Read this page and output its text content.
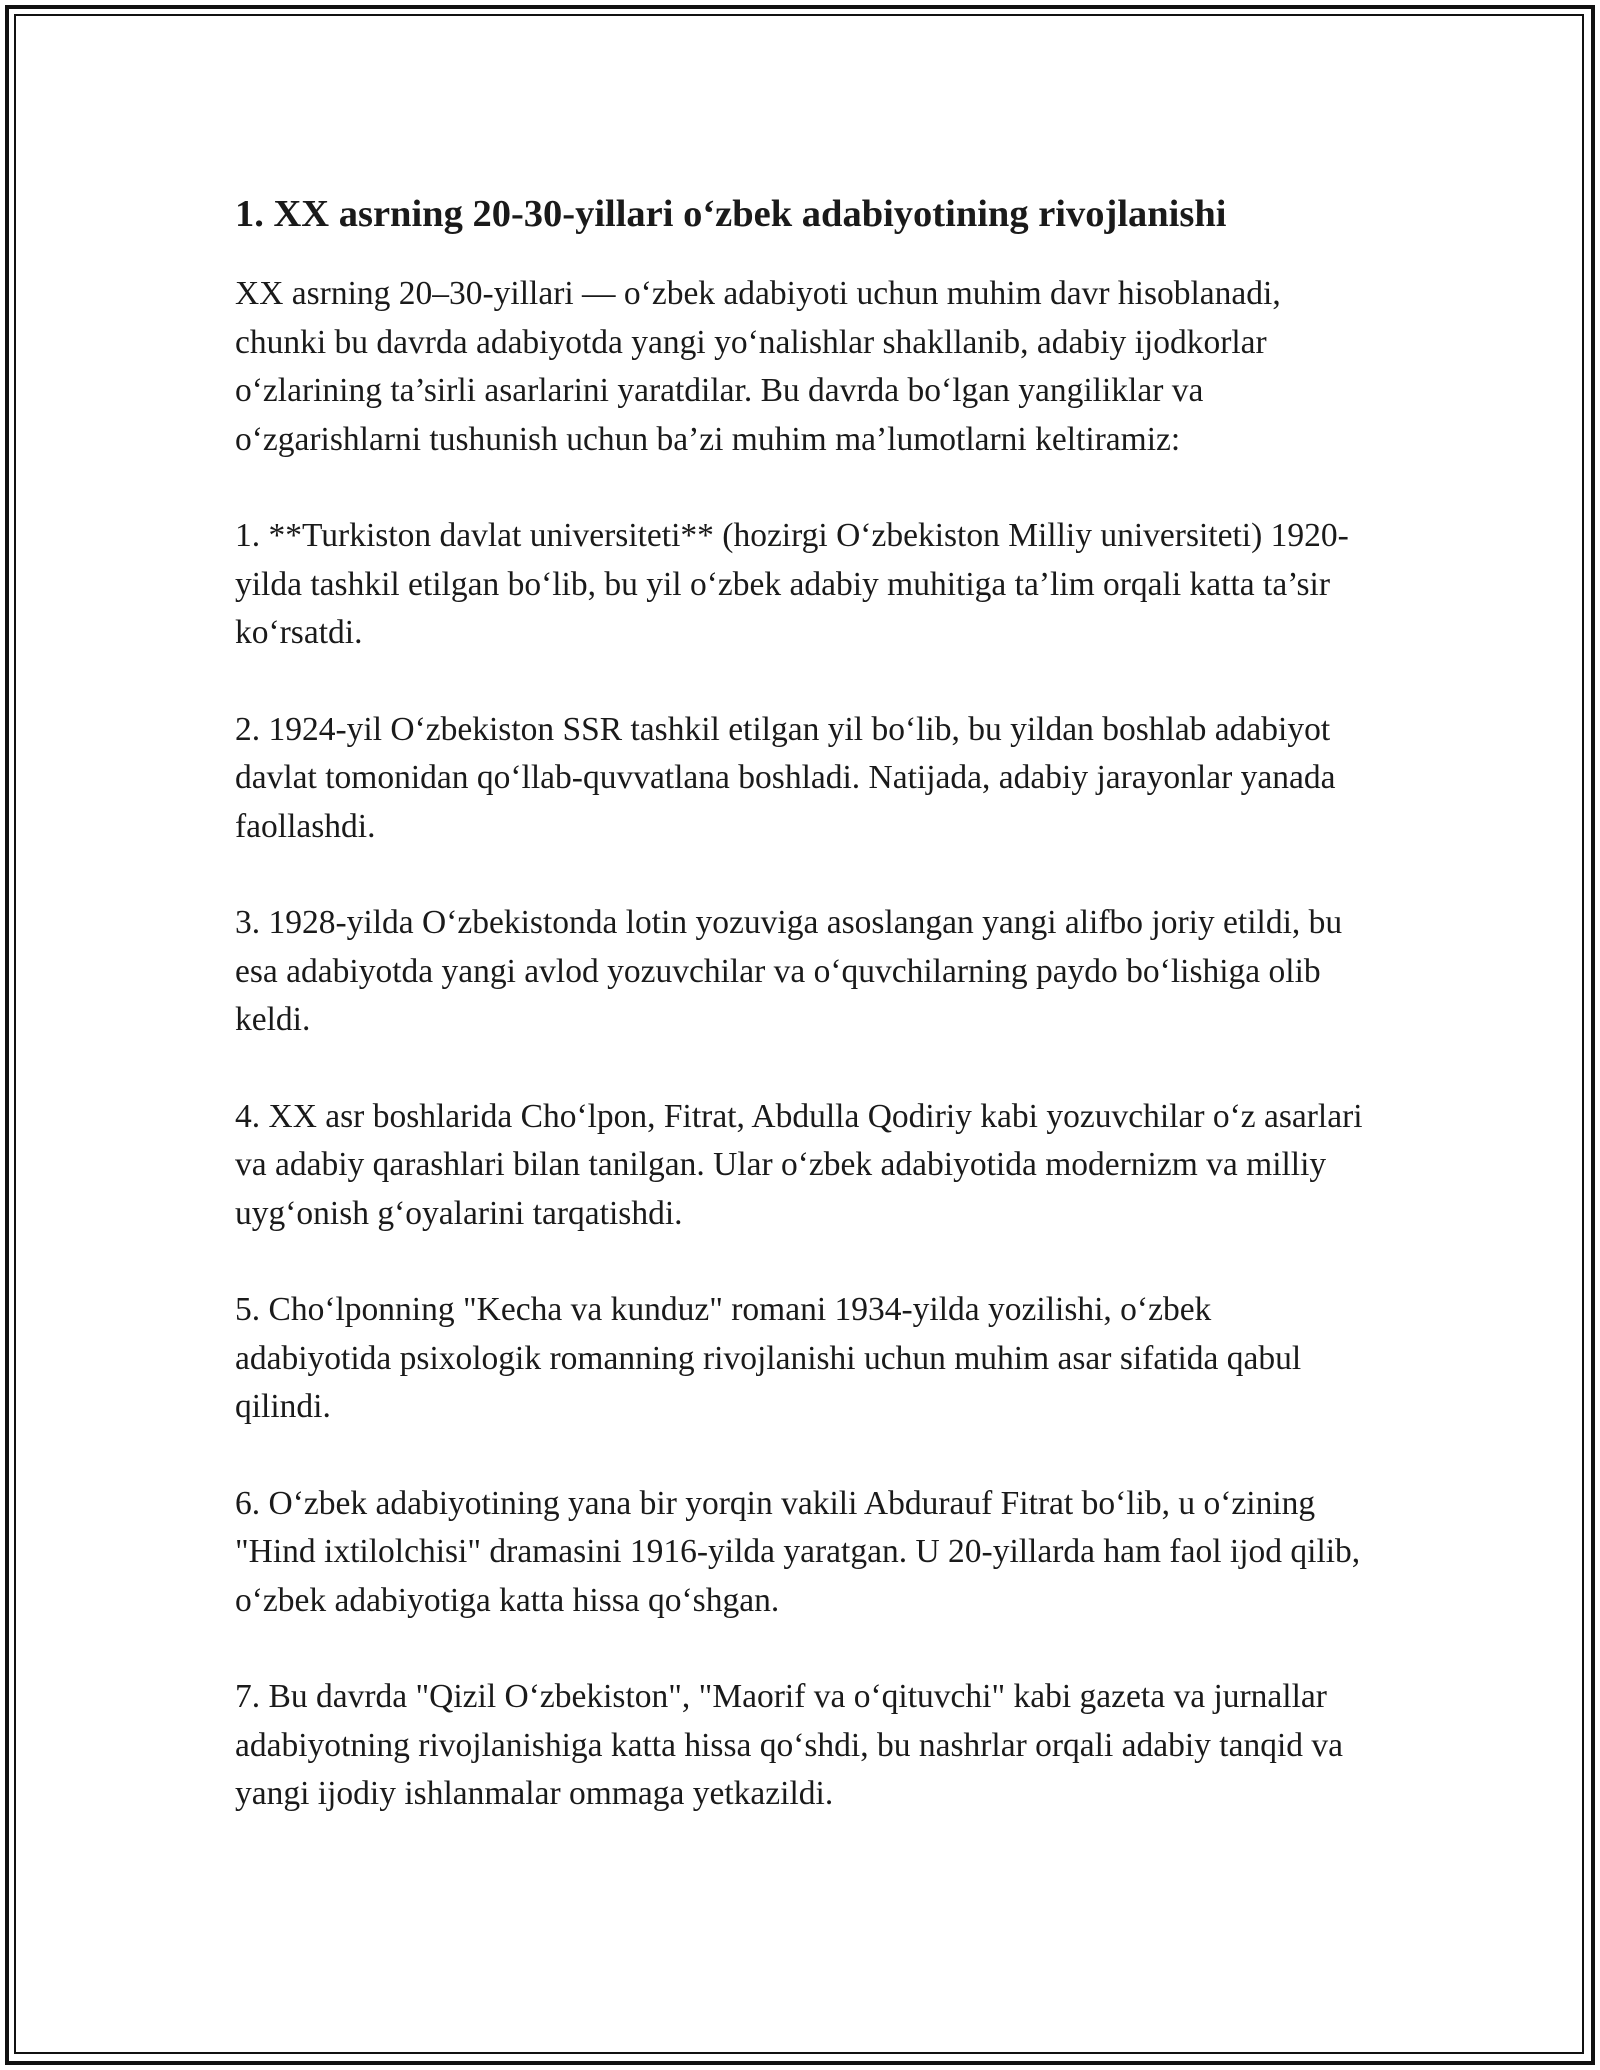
1. XX asrning 20-30-yillari o‘zbek adabiyotining rivojlanishi

XX asrning 20–30-yillari — o‘zbek adabiyoti uchun muhim davr hisoblanadi, chunki bu davrda adabiyotda yangi yo‘nalishlar shakllanib, adabiy ijodkorlar o‘zlarining ta’sirli asarlarini yaratdilar. Bu davrda bo‘lgan yangiliklar va o‘zgarishlarni tushunish uchun ba’zi muhim ma’lumotlarni keltiramiz:

1. **Turkiston davlat universiteti** (hozirgi O‘zbekiston Milliy universiteti) 1920-yilda tashkil etilgan bo‘lib, bu yil o‘zbek adabiy muhitiga ta’lim orqali katta ta’sir ko‘rsatdi.

2. 1924-yil O‘zbekiston SSR tashkil etilgan yil bo‘lib, bu yildan boshlab adabiyot davlat tomonidan qo‘llab-quvvatlana boshladi. Natijada, adabiy jarayonlar yanada faollashdi.

3. 1928-yilda O‘zbekistonda lotin yozuviga asoslangan yangi alifbo joriy etildi, bu esa adabiyotda yangi avlod yozuvchilar va o‘quvchilarning paydo bo‘lishiga olib keldi.

4. XX asr boshlarida Cho‘lpon, Fitrat, Abdulla Qodiriy kabi yozuvchilar o‘z asarlari va adabiy qarashlari bilan tanilgan. Ular o‘zbek adabiyotida modernizm va milliy uyg‘onish g‘oyalarini tarqatishdi.

5. Cho‘lponning "Kecha va kunduz" romani 1934-yilda yozilishi, o‘zbek adabiyotida psixologik romanning rivojlanishi uchun muhim asar sifatida qabul qilindi.

6. O‘zbek adabiyotining yana bir yorqin vakili Abdurauf Fitrat bo‘lib, u o‘zining "Hind ixtilolchisi" dramasini 1916-yilda yaratgan. U 20-yillarda ham faol ijod qilib, o‘zbek adabiyotiga katta hissa qo‘shgan.

7. Bu davrda "Qizil O‘zbekiston", "Maorif va o‘qituvchi" kabi gazeta va jurnallar adabiyotning rivojlanishiga katta hissa qo‘shdi, bu nashrlar orqali adabiy tanqid va yangi ijodiy ishlanmalar ommaga yetkazildi.
